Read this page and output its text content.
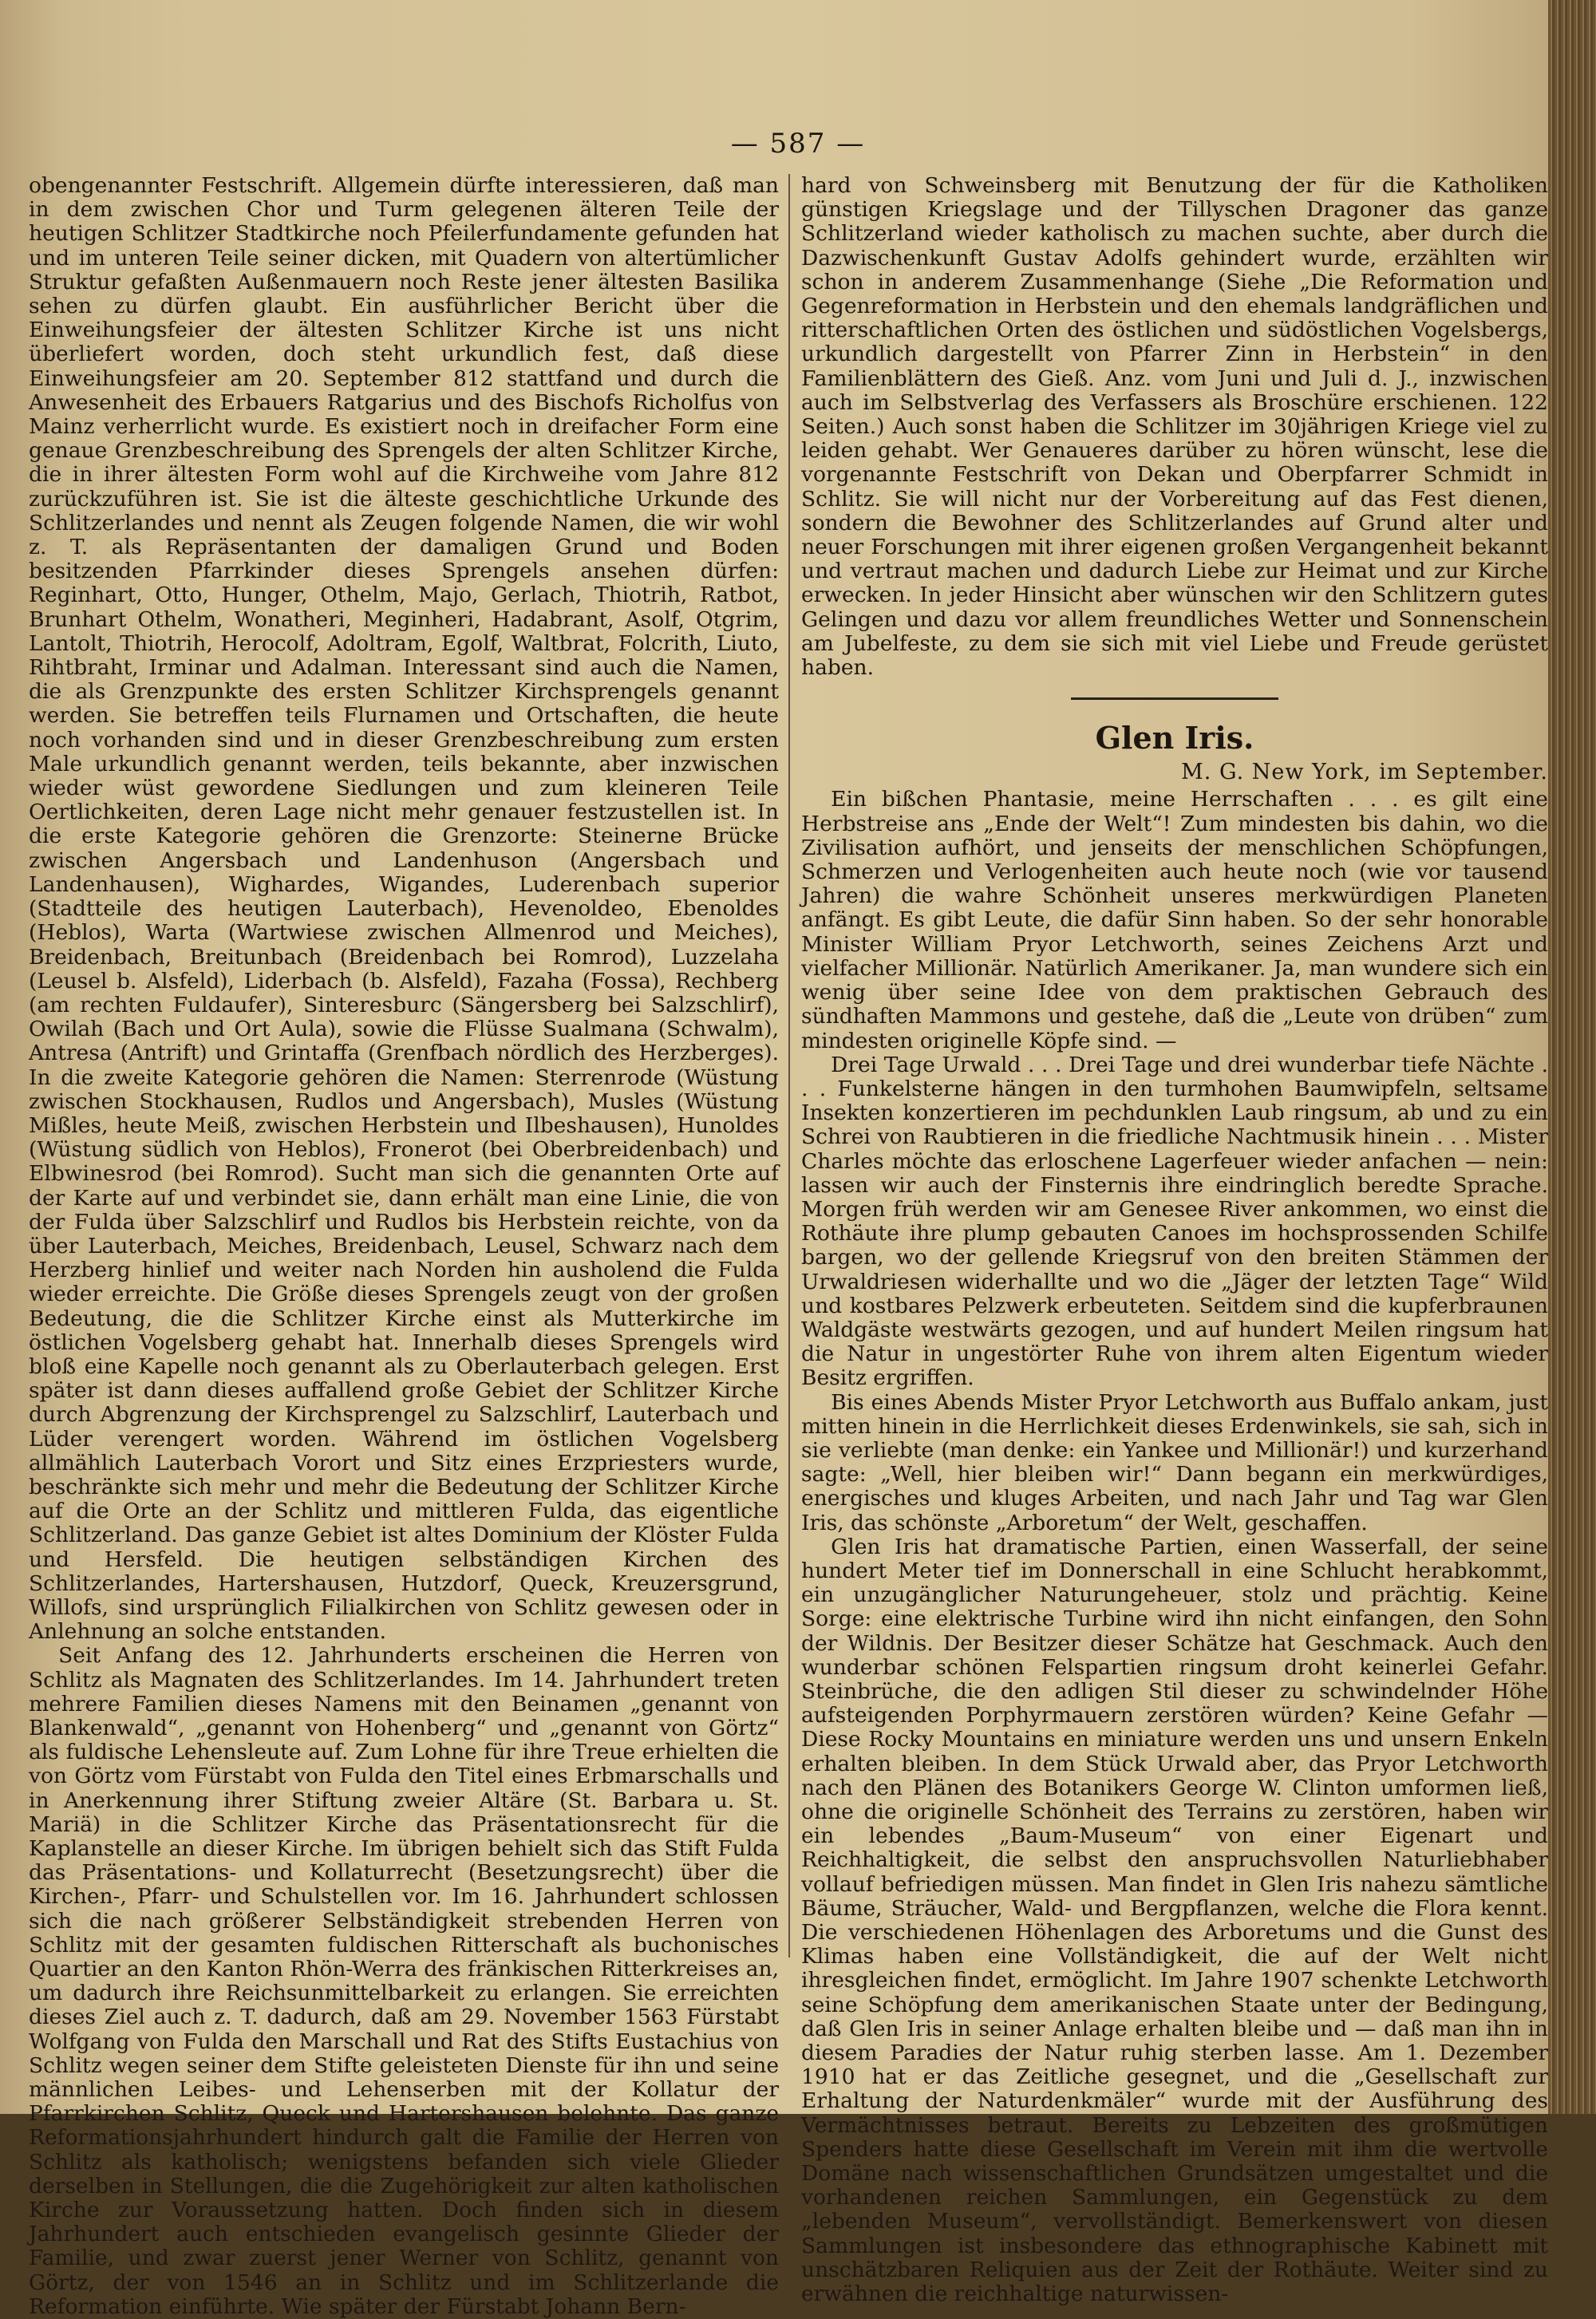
— 587 —

obengenannter Festschrift. Allgemein dürfte interessieren, daß man in dem zwischen Chor und Turm gelegenen älteren Teile der heutigen Schlitzer Stadtkirche noch Pfeilerfundamente gefunden hat und im unteren Teile seiner dicken, mit Quadern von altertümlicher Struktur gefaßten Außenmauern noch Reste jener ältesten Basilika sehen zu dürfen glaubt. Ein ausführlicher Bericht über die Einweihungsfeier der ältesten Schlitzer Kirche ist uns nicht überliefert worden, doch steht urkundlich fest, daß diese Einweihungsfeier am 20. September 812 stattfand und durch die Anwesenheit des Erbauers Ratgarius und des Bischofs Richolfus von Mainz verherrlicht wurde. Es existiert noch in dreifacher Form eine genaue Grenzbeschreibung des Sprengels der alten Schlitzer Kirche, die in ihrer ältesten Form wohl auf die Kirchweihe vom Jahre 812 zurückzuführen ist. Sie ist die älteste geschichtliche Urkunde des Schlitzerlandes und nennt als Zeugen folgende Namen, die wir wohl z. T. als Repräsentanten der damaligen Grund und Boden besitzenden Pfarrkinder dieses Sprengels ansehen dürfen: Reginhart, Otto, Hunger, Othelm, Majo, Gerlach, Thiotrih, Ratbot, Brunhart Othelm, Wonatheri, Meginheri, Hadabrant, Asolf, Otgrim, Lantolt, Thiotrih, Herocolf, Adoltram, Egolf, Waltbrat, Folcrith, Liuto, Rihtbraht, Irminar und Adalman. Interessant sind auch die Namen, die als Grenzpunkte des ersten Schlitzer Kirchsprengels genannt werden. Sie betreffen teils Flurnamen und Ortschaften, die heute noch vorhanden sind und in dieser Grenzbeschreibung zum ersten Male urkundlich genannt werden, teils bekannte, aber inzwischen wieder wüst gewordene Siedlungen und zum kleineren Teile Oertlichkeiten, deren Lage nicht mehr genauer festzustellen ist. In die erste Kategorie gehören die Grenzorte: Steinerne Brücke zwischen Angersbach und Landenhuson (Angersbach und Landenhausen), Wighardes, Wigandes, Luderenbach superior (Stadtteile des heutigen Lauterbach), Hevenoldeo, Ebenoldes (Heblos), Warta (Wartwiese zwischen Allmenrod und Meiches), Breidenbach, Breitunbach (Breidenbach bei Romrod), Luzzelaha (Leusel b. Alsfeld), Liderbach (b. Alsfeld), Fazaha (Fossa), Rechberg (am rechten Fuldaufer), Sinteresburc (Sängersberg bei Salzschlirf), Owilah (Bach und Ort Aula), sowie die Flüsse Sualmana (Schwalm), Antresa (Antrift) und Grintaffa (Grenfbach nördlich des Herzberges). In die zweite Kategorie gehören die Namen: Sterrenrode (Wüstung zwischen Stockhausen, Rudlos und Angersbach), Musles (Wüstung Mißles, heute Meiß, zwischen Herbstein und Ilbeshausen), Hunoldes (Wüstung südlich von Heblos), Fronerot (bei Oberbreidenbach) und Elbwinesrod (bei Romrod). Sucht man sich die genannten Orte auf der Karte auf und verbindet sie, dann erhält man eine Linie, die von der Fulda über Salzschlirf und Rudlos bis Herbstein reichte, von da über Lauterbach, Meiches, Breidenbach, Leusel, Schwarz nach dem Herzberg hinlief und weiter nach Norden hin ausholend die Fulda wieder erreichte. Die Größe dieses Sprengels zeugt von der großen Bedeutung, die die Schlitzer Kirche einst als Mutterkirche im östlichen Vogelsberg gehabt hat. Innerhalb dieses Sprengels wird bloß eine Kapelle noch genannt als zu Oberlauterbach gelegen. Erst später ist dann dieses auffallend große Gebiet der Schlitzer Kirche durch Abgrenzung der Kirchsprengel zu Salzschlirf, Lauterbach und Lüder verengert worden. Während im östlichen Vogelsberg allmählich Lauterbach Vorort und Sitz eines Erzpriesters wurde, beschränkte sich mehr und mehr die Bedeutung der Schlitzer Kirche auf die Orte an der Schlitz und mittleren Fulda, das eigentliche Schlitzerland. Das ganze Gebiet ist altes Dominium der Klöster Fulda und Hersfeld. Die heutigen selbständigen Kirchen des Schlitzerlandes, Hartershausen, Hutzdorf, Queck, Kreuzersgrund, Willofs, sind ursprünglich Filialkirchen von Schlitz gewesen oder in Anlehnung an solche entstanden.

Seit Anfang des 12. Jahrhunderts erscheinen die Herren von Schlitz als Magnaten des Schlitzerlandes. Im 14. Jahrhundert treten mehrere Familien dieses Namens mit den Beinamen „genannt von Blankenwald“, „genannt von Hohenberg“ und „genannt von Görtz“ als fuldische Lehensleute auf. Zum Lohne für ihre Treue erhielten die von Görtz vom Fürstabt von Fulda den Titel eines Erbmarschalls und in Anerkennung ihrer Stiftung zweier Altäre (St. Barbara u. St. Mariä) in die Schlitzer Kirche das Präsentationsrecht für die Kaplanstelle an dieser Kirche. Im übrigen behielt sich das Stift Fulda das Präsentations- und Kollaturrecht (Besetzungsrecht) über die Kirchen-, Pfarr- und Schulstellen vor. Im 16. Jahrhundert schlossen sich die nach größerer Selbständigkeit strebenden Herren von Schlitz mit der gesamten fuldischen Ritterschaft als buchonisches Quartier an den Kanton Rhön-Werra des fränkischen Ritterkreises an, um dadurch ihre Reichsunmittelbarkeit zu erlangen. Sie erreichten dieses Ziel auch z. T. dadurch, daß am 29. November 1563 Fürstabt Wolfgang von Fulda den Marschall und Rat des Stifts Eustachius von Schlitz wegen seiner dem Stifte geleisteten Dienste für ihn und seine männlichen Leibes- und Lehenserben mit der Kollatur der Pfarrkirchen Schlitz, Queck und Hartershausen belehnte. Das ganze Reformationsjahrhundert hindurch galt die Familie der Herren von Schlitz als katholisch; wenigstens befanden sich viele Glieder derselben in Stellungen, die die Zugehörigkeit zur alten katholischen Kirche zur Voraussetzung hatten. Doch finden sich in diesem Jahrhundert auch entschieden evangelisch gesinnte Glieder der Familie, und zwar zuerst jener Werner von Schlitz, genannt von Görtz, der von 1546 an in Schlitz und im Schlitzerlande die Reformation einführte. Wie später der Fürstabt Johann Bern-

hard von Schweinsberg mit Benutzung der für die Katholiken günstigen Kriegslage und der Tillyschen Dragoner das ganze Schlitzerland wieder katholisch zu machen suchte, aber durch die Dazwischenkunft Gustav Adolfs gehindert wurde, erzählten wir schon in anderem Zusammenhange (Siehe „Die Reformation und Gegenreformation in Herbstein und den ehemals landgräflichen und ritterschaftlichen Orten des östlichen und südöstlichen Vogelsbergs, urkundlich dargestellt von Pfarrer Zinn in Herbstein“ in den Familienblättern des Gieß. Anz. vom Juni und Juli d. J., inzwischen auch im Selbstverlag des Verfassers als Broschüre erschienen. 122 Seiten.) Auch sonst haben die Schlitzer im 30jährigen Kriege viel zu leiden gehabt. Wer Genaueres darüber zu hören wünscht, lese die vorgenannte Festschrift von Dekan und Oberpfarrer Schmidt in Schlitz. Sie will nicht nur der Vorbereitung auf das Fest dienen, sondern die Bewohner des Schlitzerlandes auf Grund alter und neuer Forschungen mit ihrer eigenen großen Vergangenheit bekannt und vertraut machen und dadurch Liebe zur Heimat und zur Kirche erwecken. In jeder Hinsicht aber wünschen wir den Schlitzern gutes Gelingen und dazu vor allem freundliches Wetter und Sonnenschein am Jubelfeste, zu dem sie sich mit viel Liebe und Freude gerüstet haben.

Glen Iris.
M. G. New York, im September.

Ein bißchen Phantasie, meine Herrschaften . . . es gilt eine Herbstreise ans „Ende der Welt“! Zum mindesten bis dahin, wo die Zivilisation aufhört, und jenseits der menschlichen Schöpfungen, Schmerzen und Verlogenheiten auch heute noch (wie vor tausend Jahren) die wahre Schönheit unseres merkwürdigen Planeten anfängt. Es gibt Leute, die dafür Sinn haben. So der sehr honorable Minister William Pryor Letchworth, seines Zeichens Arzt und vielfacher Millionär. Natürlich Amerikaner. Ja, man wundere sich ein wenig über seine Idee von dem praktischen Gebrauch des sündhaften Mammons und gestehe, daß die „Leute von drüben“ zum mindesten originelle Köpfe sind. —

Drei Tage Urwald . . . Drei Tage und drei wunderbar tiefe Nächte . . . Funkelsterne hängen in den turmhohen Baumwipfeln, seltsame Insekten konzertieren im pechdunklen Laub ringsum, ab und zu ein Schrei von Raubtieren in die friedliche Nachtmusik hinein . . . Mister Charles möchte das erloschene Lagerfeuer wieder anfachen — nein: lassen wir auch der Finsternis ihre eindringlich beredte Sprache. Morgen früh werden wir am Genesee River ankommen, wo einst die Rothäute ihre plump gebauten Canoes im hochsprossenden Schilfe bargen, wo der gellende Kriegsruf von den breiten Stämmen der Urwaldriesen widerhallte und wo die „Jäger der letzten Tage“ Wild und kostbares Pelzwerk erbeuteten. Seitdem sind die kupferbraunen Waldgäste westwärts gezogen, und auf hundert Meilen ringsum hat die Natur in ungestörter Ruhe von ihrem alten Eigentum wieder Besitz ergriffen.

Bis eines Abends Mister Pryor Letchworth aus Buffalo ankam, just mitten hinein in die Herrlichkeit dieses Erdenwinkels, sie sah, sich in sie verliebte (man denke: ein Yankee und Millionär!) und kurzerhand sagte: „Well, hier bleiben wir!“ Dann begann ein merkwürdiges, energisches und kluges Arbeiten, und nach Jahr und Tag war Glen Iris, das schönste „Arboretum“ der Welt, geschaffen.

Glen Iris hat dramatische Partien, einen Wasserfall, der seine hundert Meter tief im Donnerschall in eine Schlucht herabkommt, ein unzugänglicher Naturungeheuer, stolz und prächtig. Keine Sorge: eine elektrische Turbine wird ihn nicht einfangen, den Sohn der Wildnis. Der Besitzer dieser Schätze hat Geschmack. Auch den wunderbar schönen Felspartien ringsum droht keinerlei Gefahr. Steinbrüche, die den adligen Stil dieser zu schwindelnder Höhe aufsteigenden Porphyrmauern zerstören würden? Keine Gefahr — Diese Rocky Mountains en miniature werden uns und unsern Enkeln erhalten bleiben. In dem Stück Urwald aber, das Pryor Letchworth nach den Plänen des Botanikers George W. Clinton umformen ließ, ohne die originelle Schönheit des Terrains zu zerstören, haben wir ein lebendes „Baum-Museum“ von einer Eigenart und Reichhaltigkeit, die selbst den anspruchsvollen Naturliebhaber vollauf befriedigen müssen. Man findet in Glen Iris nahezu sämtliche Bäume, Sträucher, Wald- und Bergpflanzen, welche die Flora kennt. Die verschiedenen Höhenlagen des Arboretums und die Gunst des Klimas haben eine Vollständigkeit, die auf der Welt nicht ihresgleichen findet, ermöglicht. Im Jahre 1907 schenkte Letchworth seine Schöpfung dem amerikanischen Staate unter der Bedingung, daß Glen Iris in seiner Anlage erhalten bleibe und — daß man ihn in diesem Paradies der Natur ruhig sterben lasse. Am 1. Dezember 1910 hat er das Zeitliche gesegnet, und die „Gesellschaft zur Erhaltung der Naturdenkmäler“ wurde mit der Ausführung des Vermächtnisses betraut. Bereits zu Lebzeiten des großmütigen Spenders hatte diese Gesellschaft im Verein mit ihm die wertvolle Domäne nach wissenschaftlichen Grundsätzen umgestaltet und die vorhandenen reichen Sammlungen, ein Gegenstück zu dem „lebenden Museum“, vervollständigt. Bemerkenswert von diesen Sammlungen ist insbesondere das ethnographische Kabinett mit unschätzbaren Reliquien aus der Zeit der Rothäute. Weiter sind zu erwähnen die reichhaltige naturwissen-
